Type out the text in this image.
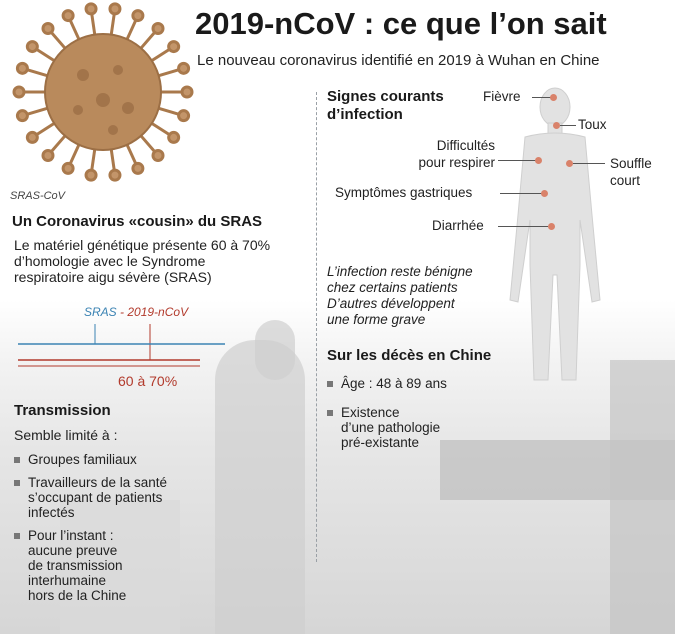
2019-nCoV : ce que l’on sait
Le nouveau coronavirus identifié en 2019 à Wuhan en Chine
SRAS-CoV
Un Coronavirus «cousin» du SRAS
Le matériel génétique présente 60 à 70%
d’homologie avec le Syndrome
respiratoire aigu sévère (SRAS)
SRAS - 2019-nCoV
60 à 70%
Transmission
Semble limité à :
Groupes familiaux
Travailleurs de la santé
s’occupant de patients
infectés
Pour l’instant :
aucune preuve
de transmission
interhumaine
hors de la Chine
Signes courants
d’infection
Fièvre
Toux
Difficultés
pour respirer	Souffle
court
Symptômes gastriques
Diarrhée
L’infection reste bénigne
chez certains patients
D’autres développent
une forme grave
Sur les décès en Chine
Âge : 48 à 89 ans
Existence
d’une pathologie
pré-existante
